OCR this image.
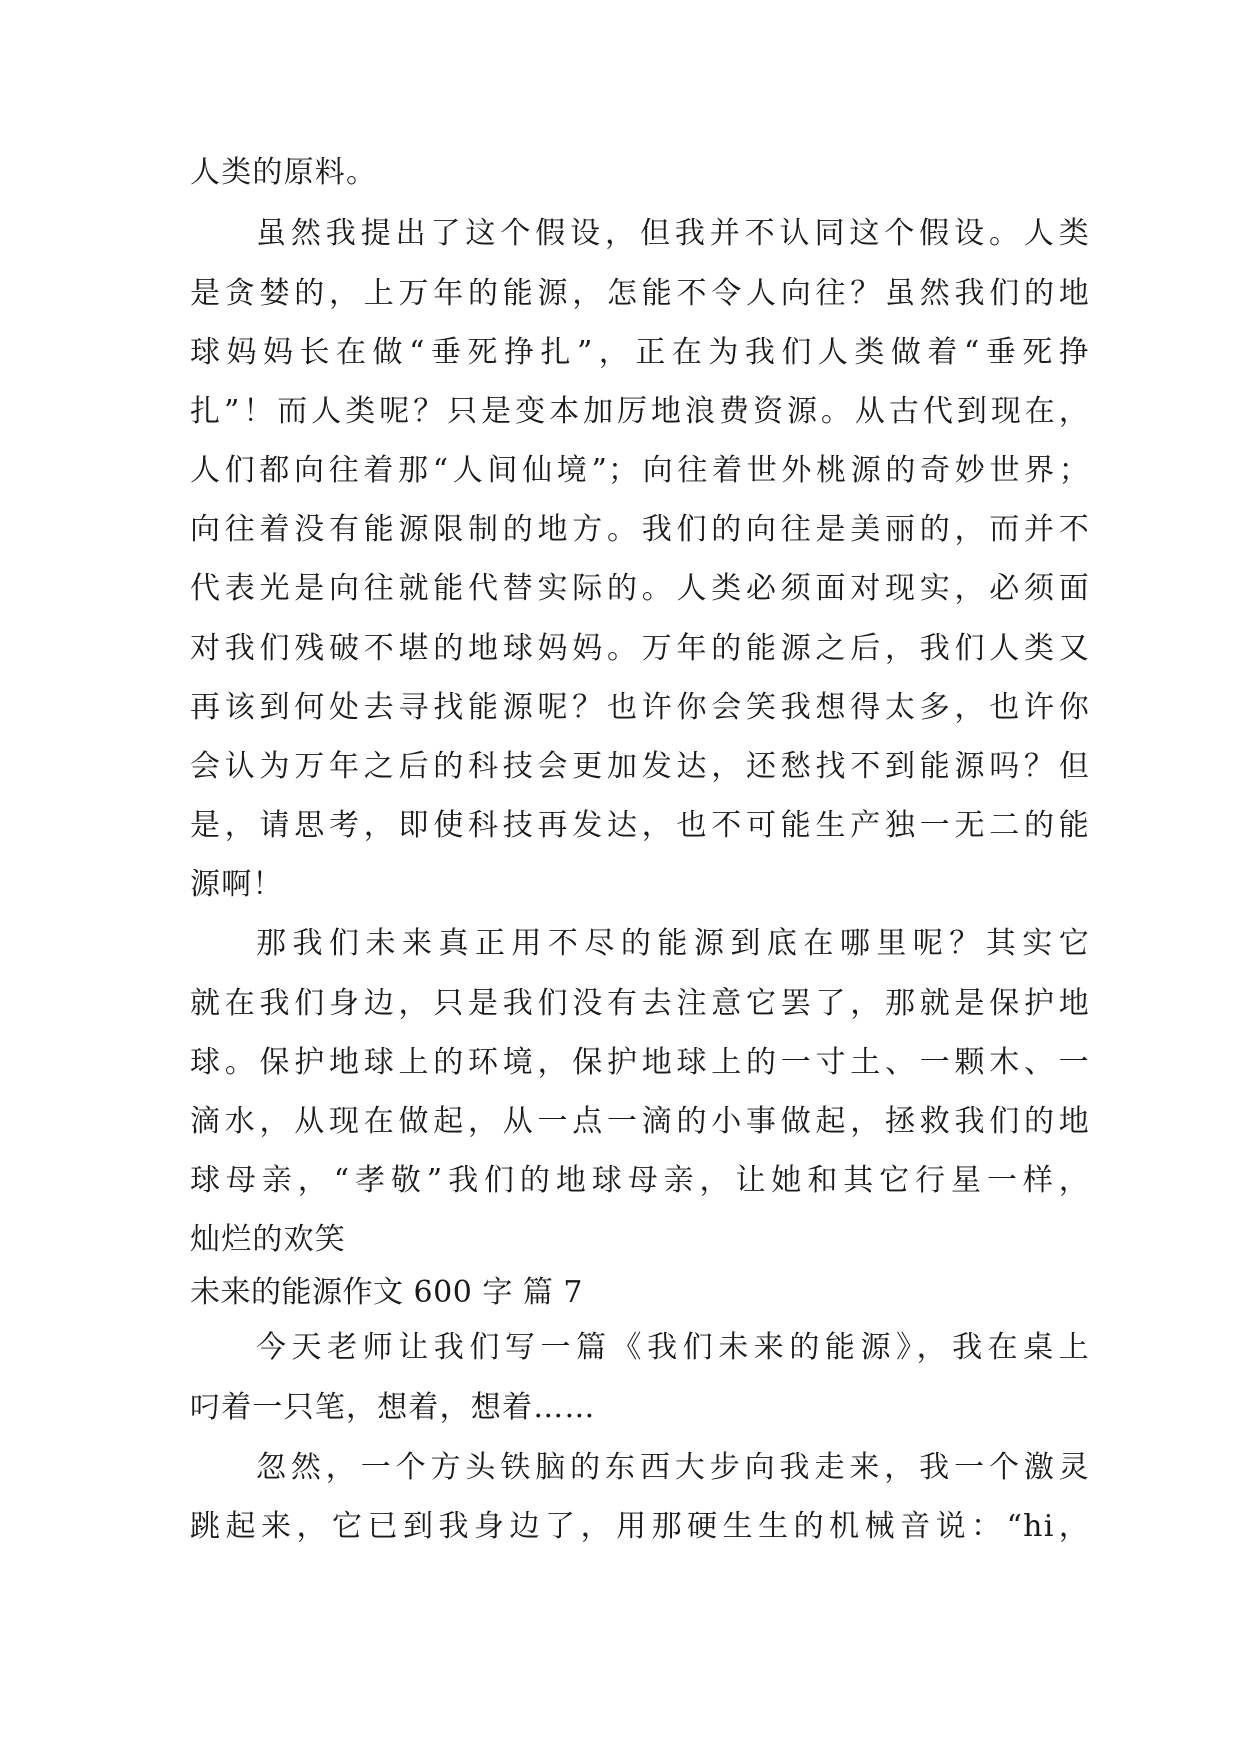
人类的原料。
虽然我提出了这个假设，但我并不认同这个假设。人类
是贪婪的，上万年的能源，怎能不令人向往？虽然我们的地
球妈妈长在做“垂死挣扎”，正在为我们人类做着“垂死挣
扎”！而人类呢？只是变本加厉地浪费资源。从古代到现在，
人们都向往着那“人间仙境”；向往着世外桃源的奇妙世界；
向往着没有能源限制的地方。我们的向往是美丽的，而并不
代表光是向往就能代替实际的。人类必须面对现实，必须面
对我们残破不堪的地球妈妈。万年的能源之后，我们人类又
再该到何处去寻找能源呢？也许你会笑我想得太多，也许你
会认为万年之后的科技会更加发达，还愁找不到能源吗？但
是，请思考，即使科技再发达，也不可能生产独一无二的能
源啊！
那我们未来真正用不尽的能源到底在哪里呢？其实它
就在我们身边，只是我们没有去注意它罢了，那就是保护地
球。保护地球上的环境，保护地球上的一寸土、一颗木、一
滴水，从现在做起，从一点一滴的小事做起，拯救我们的地
球母亲，“孝敬”我们的地球母亲，让她和其它行星一样，
灿烂的欢笑
未来的能源作文 600 字 篇 7
今天老师让我们写一篇《我们未来的能源》，我在桌上
叼着一只笔，想着，想着……
忽然，一个方头铁脑的东西大步向我走来，我一个激灵
跳起来，它已到我身边了，用那硬生生的机械音说：“hi，
